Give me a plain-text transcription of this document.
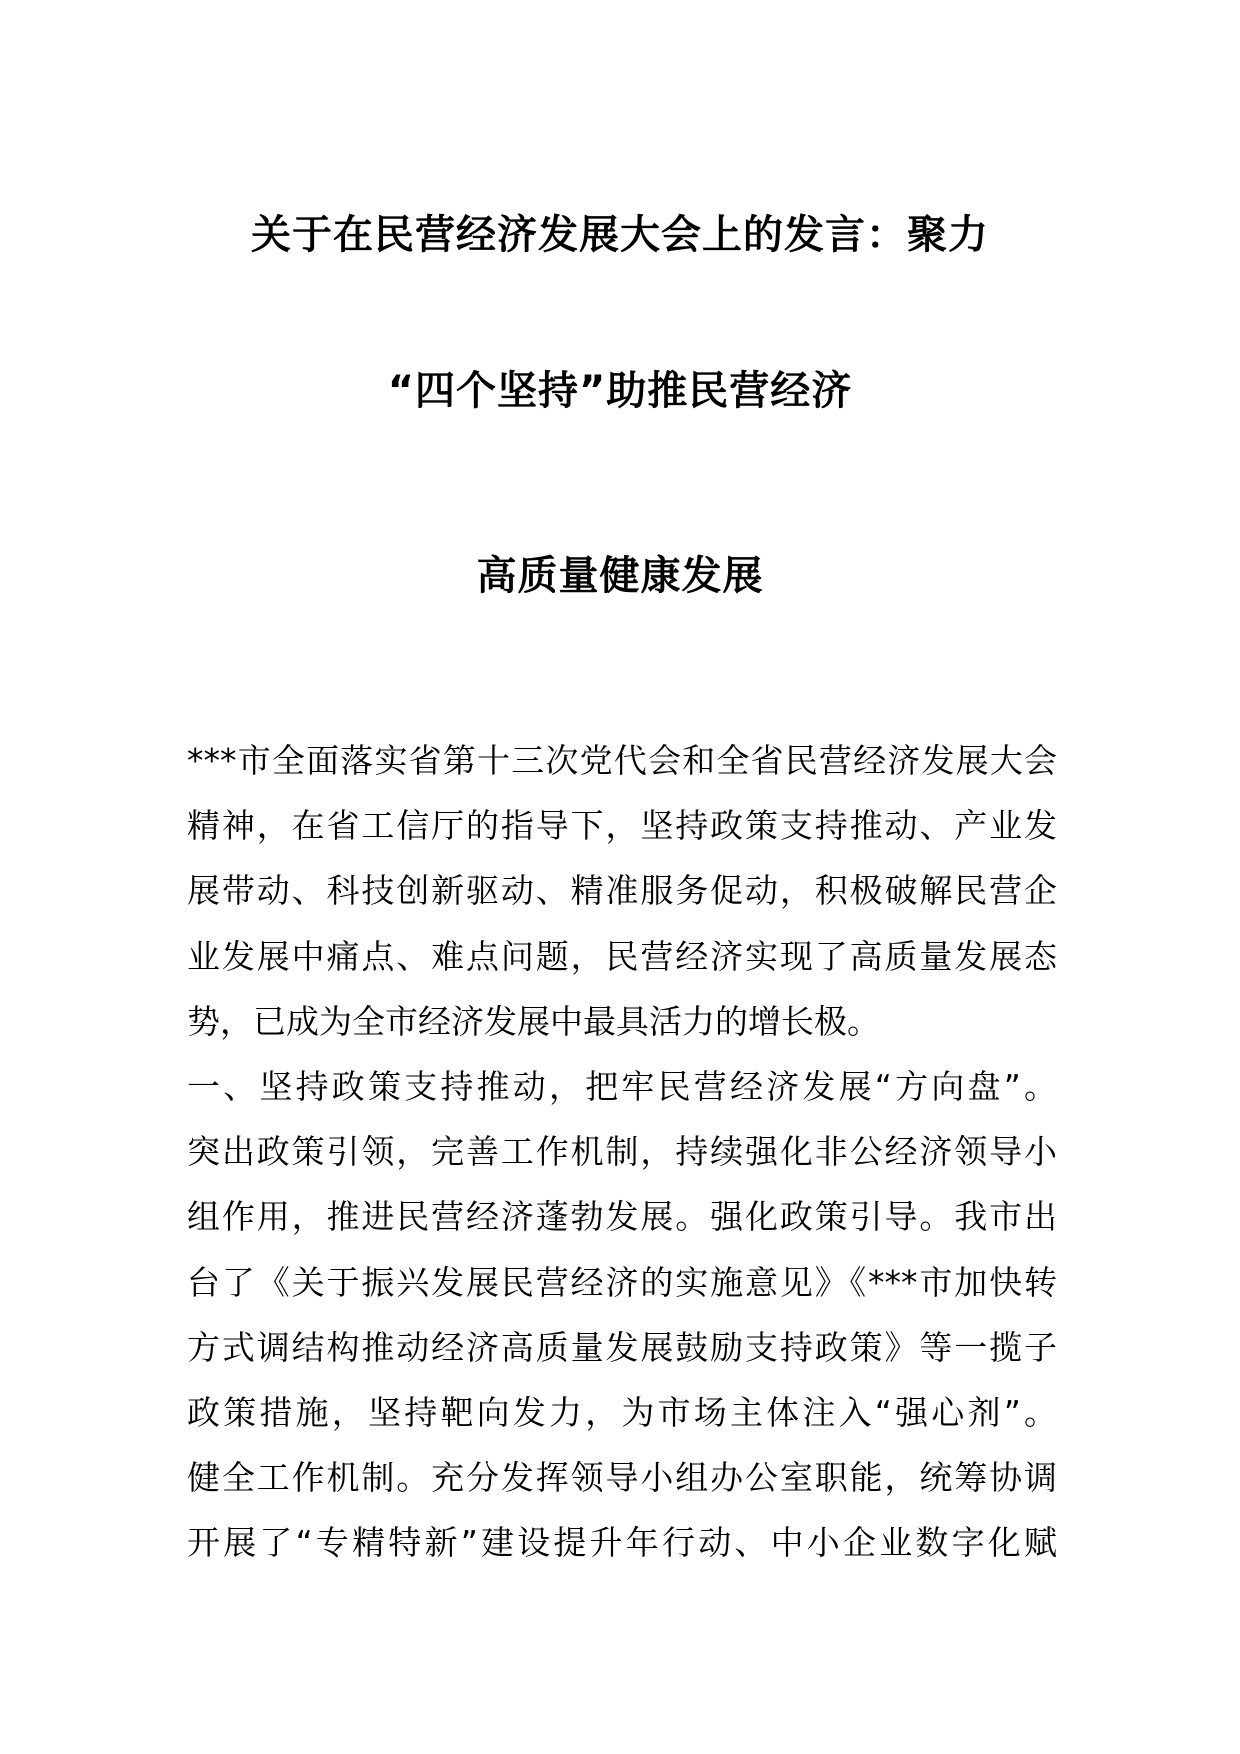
关于在民营经济发展大会上的发言：聚力
“四个坚持”助推民营经济
高质量健康发展
***市全面落实省第十三次党代会和全省民营经济发展大会
精神，在省工信厅的指导下，坚持政策支持推动、产业发
展带动、科技创新驱动、精准服务促动，积极破解民营企
业发展中痛点、难点问题，民营经济实现了高质量发展态
势，已成为全市经济发展中最具活力的增长极。
一、坚持政策支持推动，把牢民营经济发展“方向盘”。
突出政策引领，完善工作机制，持续强化非公经济领导小
组作用，推进民营经济蓬勃发展。强化政策引导。我市出
台了《关于振兴发展民营经济的实施意见》《***市加快转
方式调结构推动经济高质量发展鼓励支持政策》等一揽子
政策措施，坚持靶向发力，为市场主体注入“强心剂”。
健全工作机制。充分发挥领导小组办公室职能，统筹协调
开展了“专精特新”建设提升年行动、中小企业数字化赋
